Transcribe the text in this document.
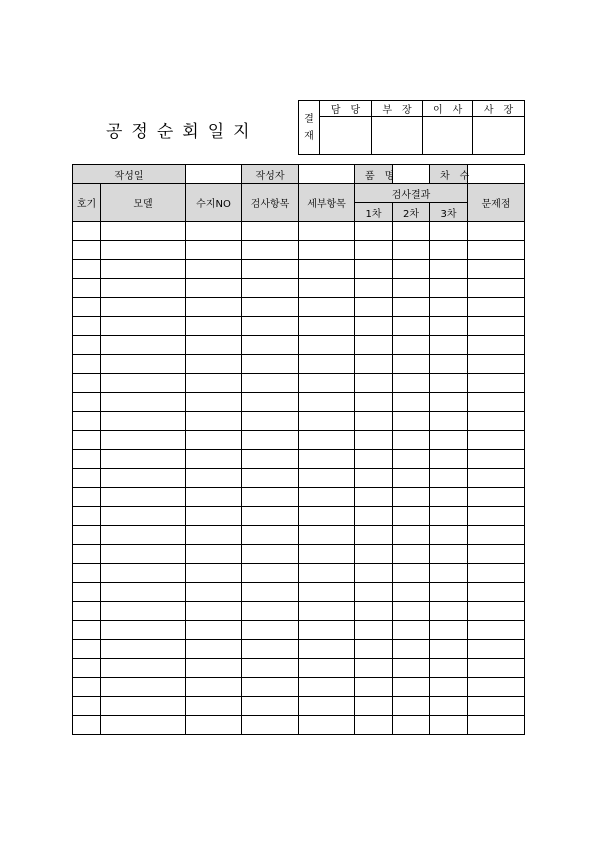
공정순회일지
결
재	담당	부장	이사	사장

작성일			작성자		품명		차수	
호기	모델	수지NO	검사항목	세부항목	검사결과			문제점
					1차	2차	3차	
